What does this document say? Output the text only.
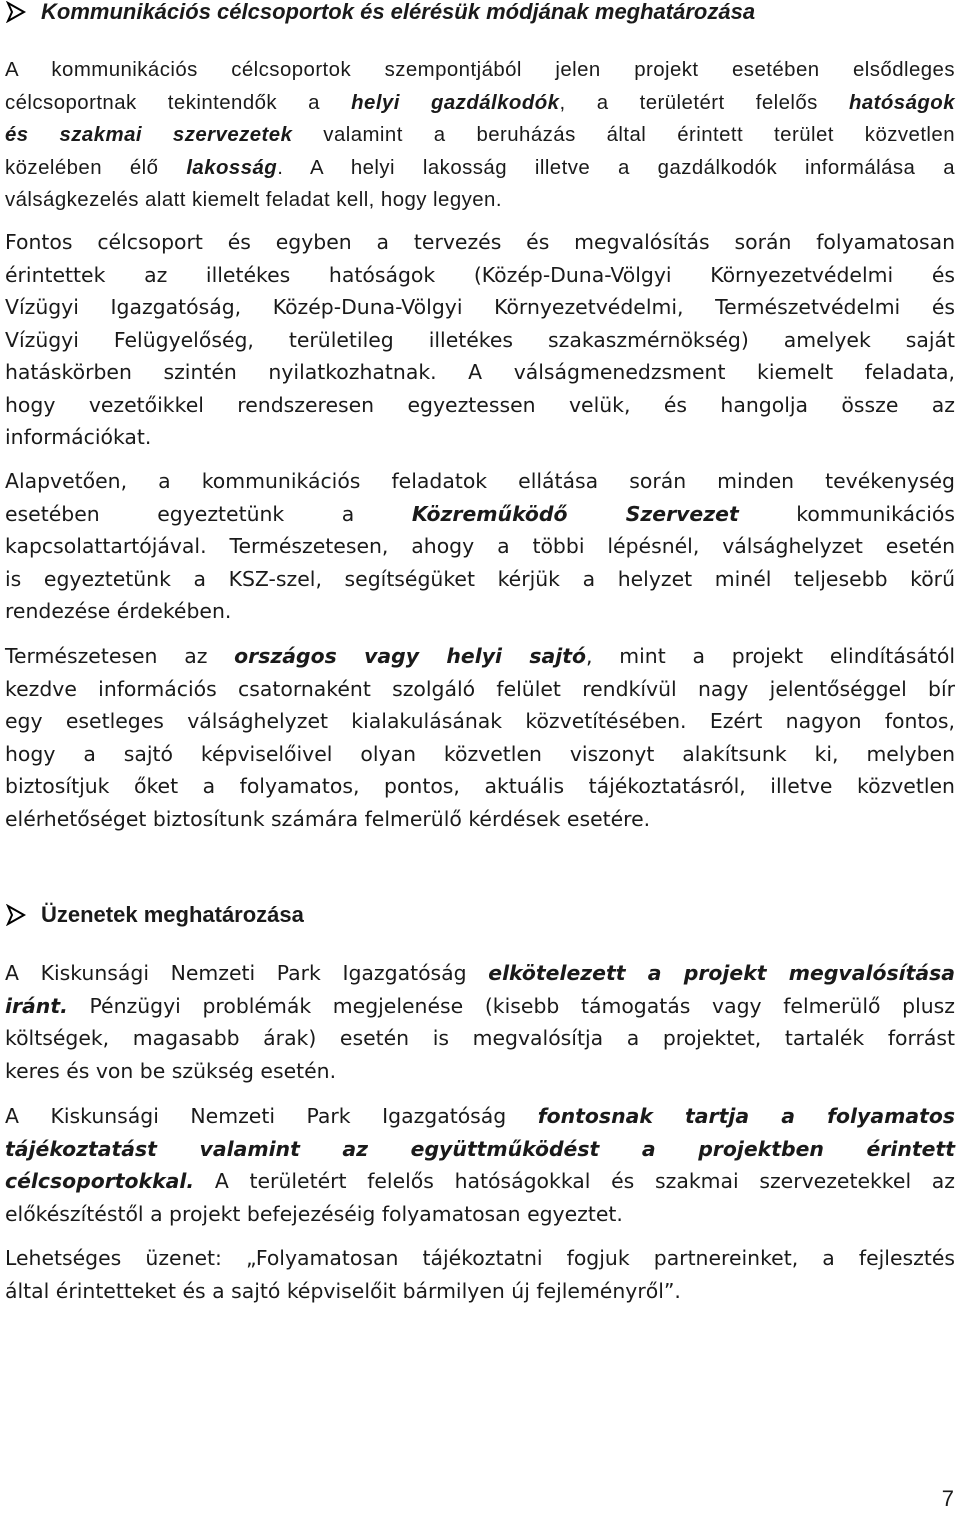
Kommunikációs célcsoportok és elérésük módjának meghatározása
A kommunikációs célcsoportok szempontjából jelen projekt esetében elsődleges
célcsoportnak tekintendők a helyi gazdálkodók, a területért felelős hatóságok
és szakmai szervezetek valamint a beruházás által érintett terület közvetlen
közelében élő lakosság. A helyi lakosság illetve a gazdálkodók informálása a
válságkezelés alatt kiemelt feladat kell, hogy legyen.
Fontos célcsoport és egyben a tervezés és megvalósítás során folyamatosan
érintettek az illetékes hatóságok (Közép-Duna-Völgyi Környezetvédelmi és
Vízügyi Igazgatóság, Közép-Duna-Völgyi Környezetvédelmi, Természetvédelmi és
Vízügyi Felügyelőség, területileg illetékes szakaszmérnökség) amelyek saját
hatáskörben szintén nyilatkozhatnak. A válságmenedzsment kiemelt feladata,
hogy vezetőikkel rendszeresen egyeztessen velük, és hangolja össze az
információkat.
Alapvetően, a kommunikációs feladatok ellátása során minden tevékenység
esetében egyeztetünk a Közreműködő Szervezet kommunikációs
kapcsolattartójával. Természetesen, ahogy a többi lépésnél, válsághelyzet esetén
is egyeztetünk a KSZ-szel, segítségüket kérjük a helyzet minél teljesebb körű
rendezése érdekében.
Természetesen az országos vagy helyi sajtó, mint a projekt elindításától
kezdve információs csatornaként szolgáló felület rendkívül nagy jelentőséggel bír
egy esetleges válsághelyzet kialakulásának közvetítésében. Ezért nagyon fontos,
hogy a sajtó képviselőivel olyan közvetlen viszonyt alakítsunk ki, melyben
biztosítjuk őket a folyamatos, pontos, aktuális tájékoztatásról, illetve közvetlen
elérhetőséget biztosítunk számára felmerülő kérdések esetére.
Üzenetek meghatározása
A Kiskunsági Nemzeti Park Igazgatóság elkötelezett a projekt megvalósítása
iránt. Pénzügyi problémák megjelenése (kisebb támogatás vagy felmerülő plusz
költségek, magasabb árak) esetén is megvalósítja a projektet, tartalék forrást
keres és von be szükség esetén.
A Kiskunsági Nemzeti Park Igazgatóság fontosnak tartja a folyamatos
tájékoztatást valamint az együttműködést a projektben érintett
célcsoportokkal. A területért felelős hatóságokkal és szakmai szervezetekkel az
előkészítéstől a projekt befejezéséig folyamatosan egyeztet.
Lehetséges üzenet: „Folyamatosan tájékoztatni fogjuk partnereinket, a fejlesztés
által érintetteket és a sajtó képviselőit bármilyen új fejleményről”.
7
